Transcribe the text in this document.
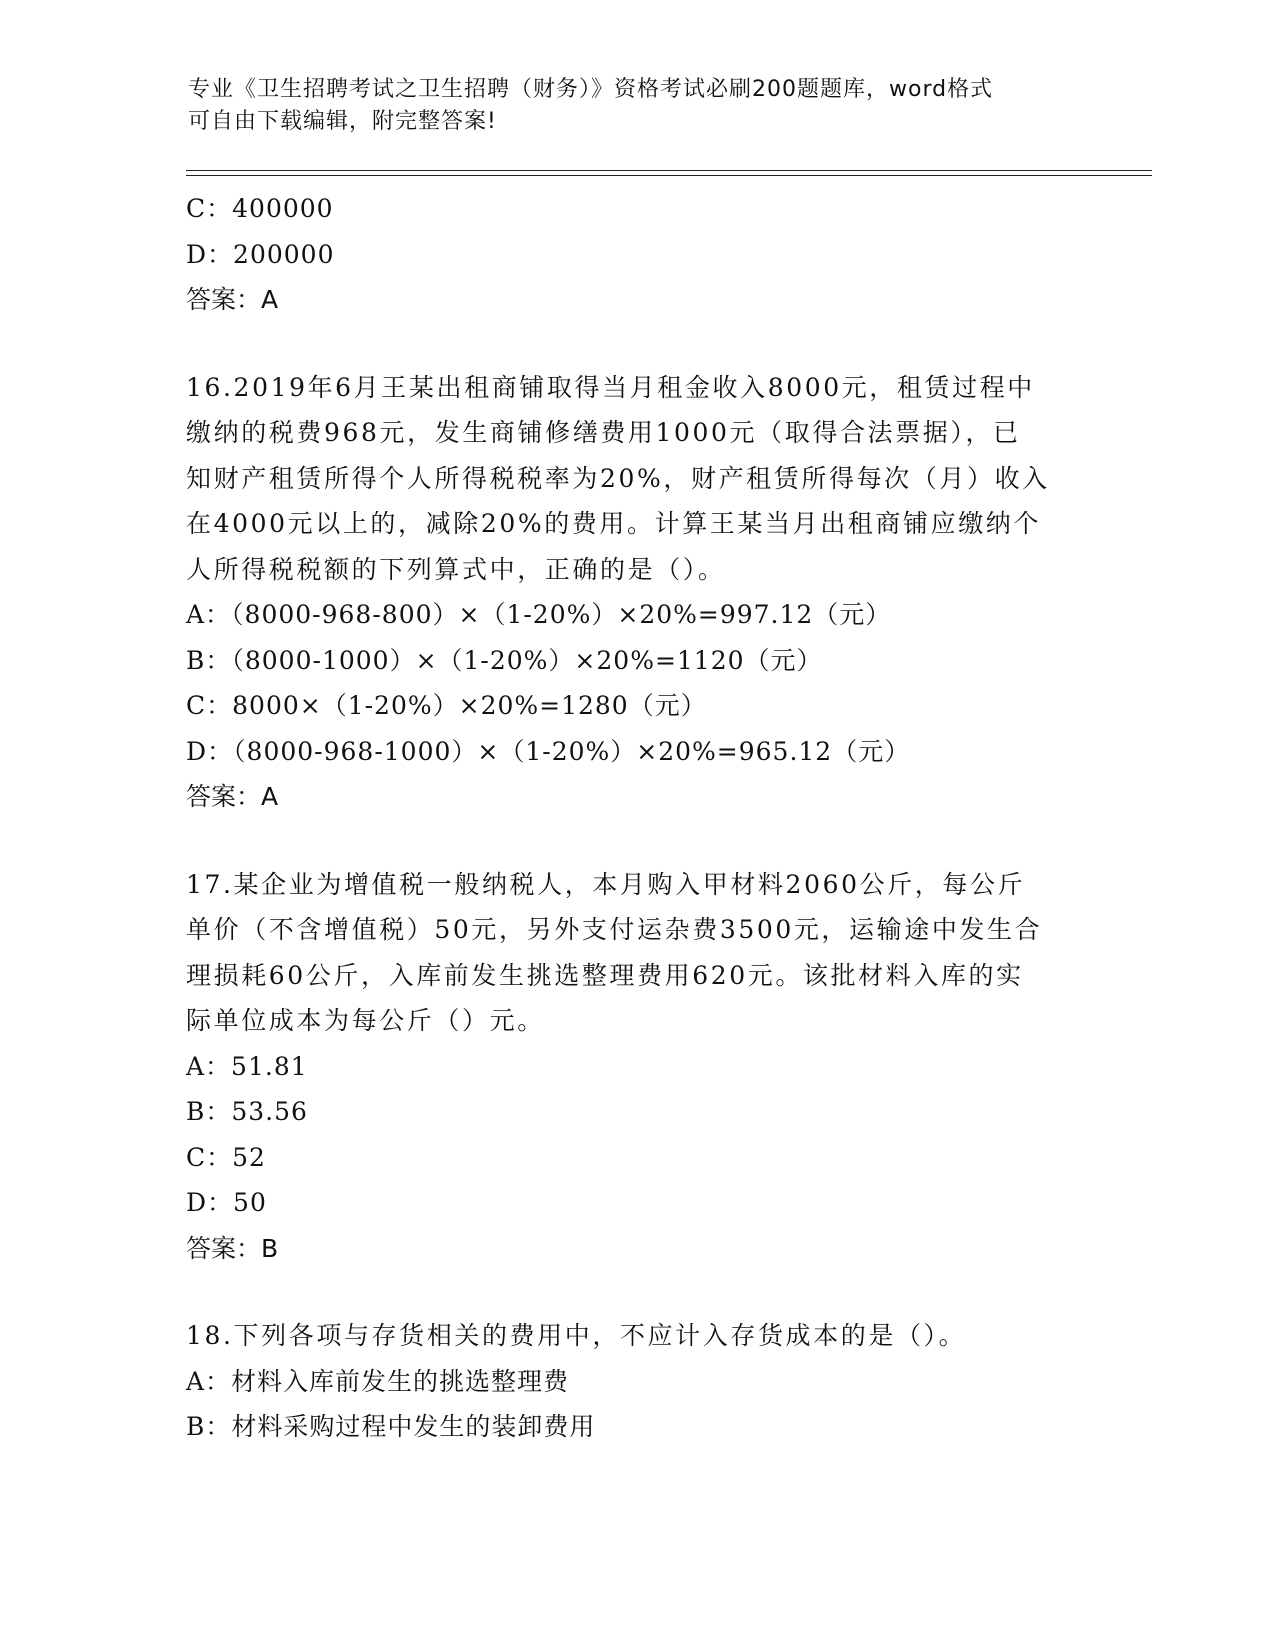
专业《卫生招聘考试之卫生招聘（财务）》资格考试必刷200题题库，word格式
可自由下载编辑，附完整答案!
C：400000
D：200000
答案：A
16.2019年6月王某出租商铺取得当月租金收入8000元，租赁过程中
缴纳的税费968元，发生商铺修缮费用1000元（取得合法票据），已
知财产租赁所得个人所得税税率为20%，财产租赁所得每次（月）收入
在4000元以上的，减除20%的费用。计算王某当月出租商铺应缴纳个
人所得税税额的下列算式中，正确的是（）。
A：（8000-968-800）×（1-20%）×20%=997.12（元）
B：（8000-1000）×（1-20%）×20%=1120（元）
C：8000×（1-20%）×20%=1280（元）
D：（8000-968-1000）×（1-20%）×20%=965.12（元）
答案：A
17.某企业为增值税一般纳税人，本月购入甲材料2060公斤，每公斤
单价（不含增值税）50元，另外支付运杂费3500元，运输途中发生合
理损耗60公斤，入库前发生挑选整理费用620元。该批材料入库的实
际单位成本为每公斤（）元。
A：51.81
B：53.56
C：52
D：50
答案：B
18.下列各项与存货相关的费用中，不应计入存货成本的是（）。
A：材料入库前发生的挑选整理费
B：材料采购过程中发生的装卸费用
